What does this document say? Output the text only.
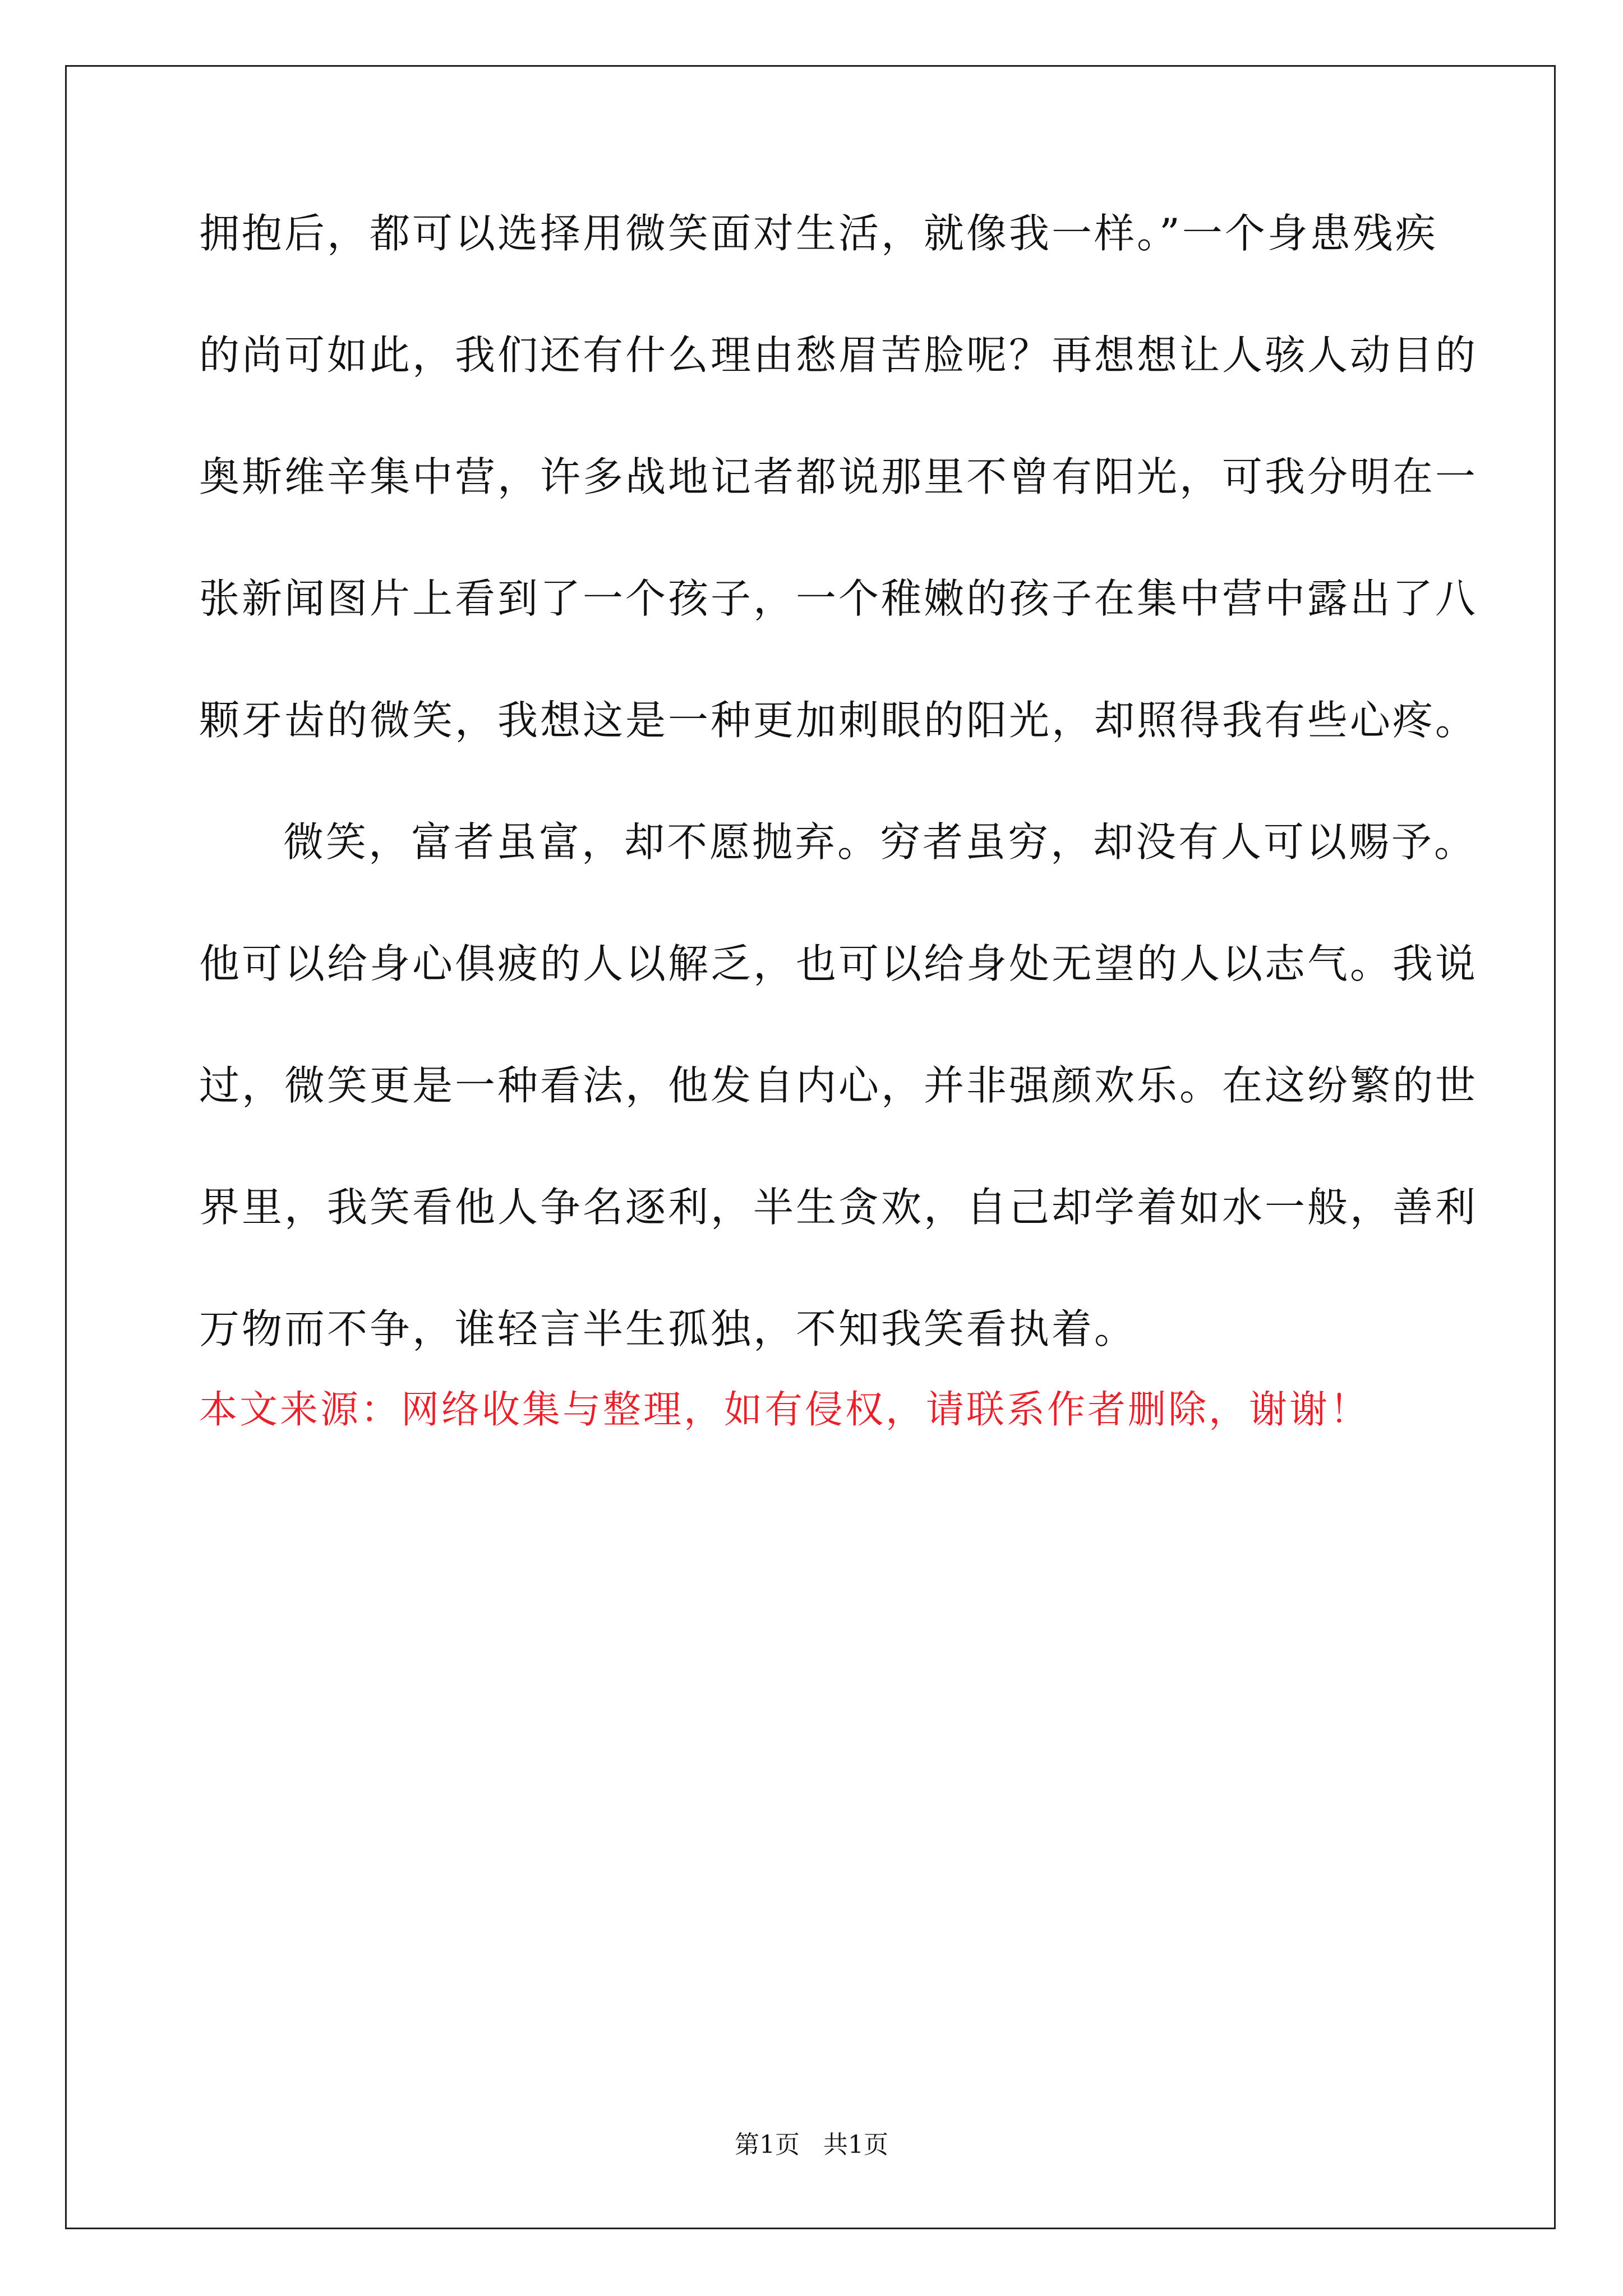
拥抱后，都可以选择用微笑面对生活，就像我一样。”一个身患残疾
的尚可如此，我们还有什么理由愁眉苦脸呢？再想想让人骇人动目的
奥斯维辛集中营，许多战地记者都说那里不曾有阳光，可我分明在一
张新闻图片上看到了一个孩子，一个稚嫩的孩子在集中营中露出了八
颗牙齿的微笑，我想这是一种更加刺眼的阳光，却照得我有些心疼。
微笑，富者虽富，却不愿抛弃。穷者虽穷，却没有人可以赐予。
他可以给身心俱疲的人以解乏，也可以给身处无望的人以志气。我说
过，微笑更是一种看法，他发自内心，并非强颜欢乐。在这纷繁的世
界里，我笑看他人争名逐利，半生贪欢，自己却学着如水一般，善利
万物而不争，谁轻言半生孤独，不知我笑看执着。
本文来源：网络收集与整理，如有侵权，请联系作者删除，谢谢！
第1页   共1页
